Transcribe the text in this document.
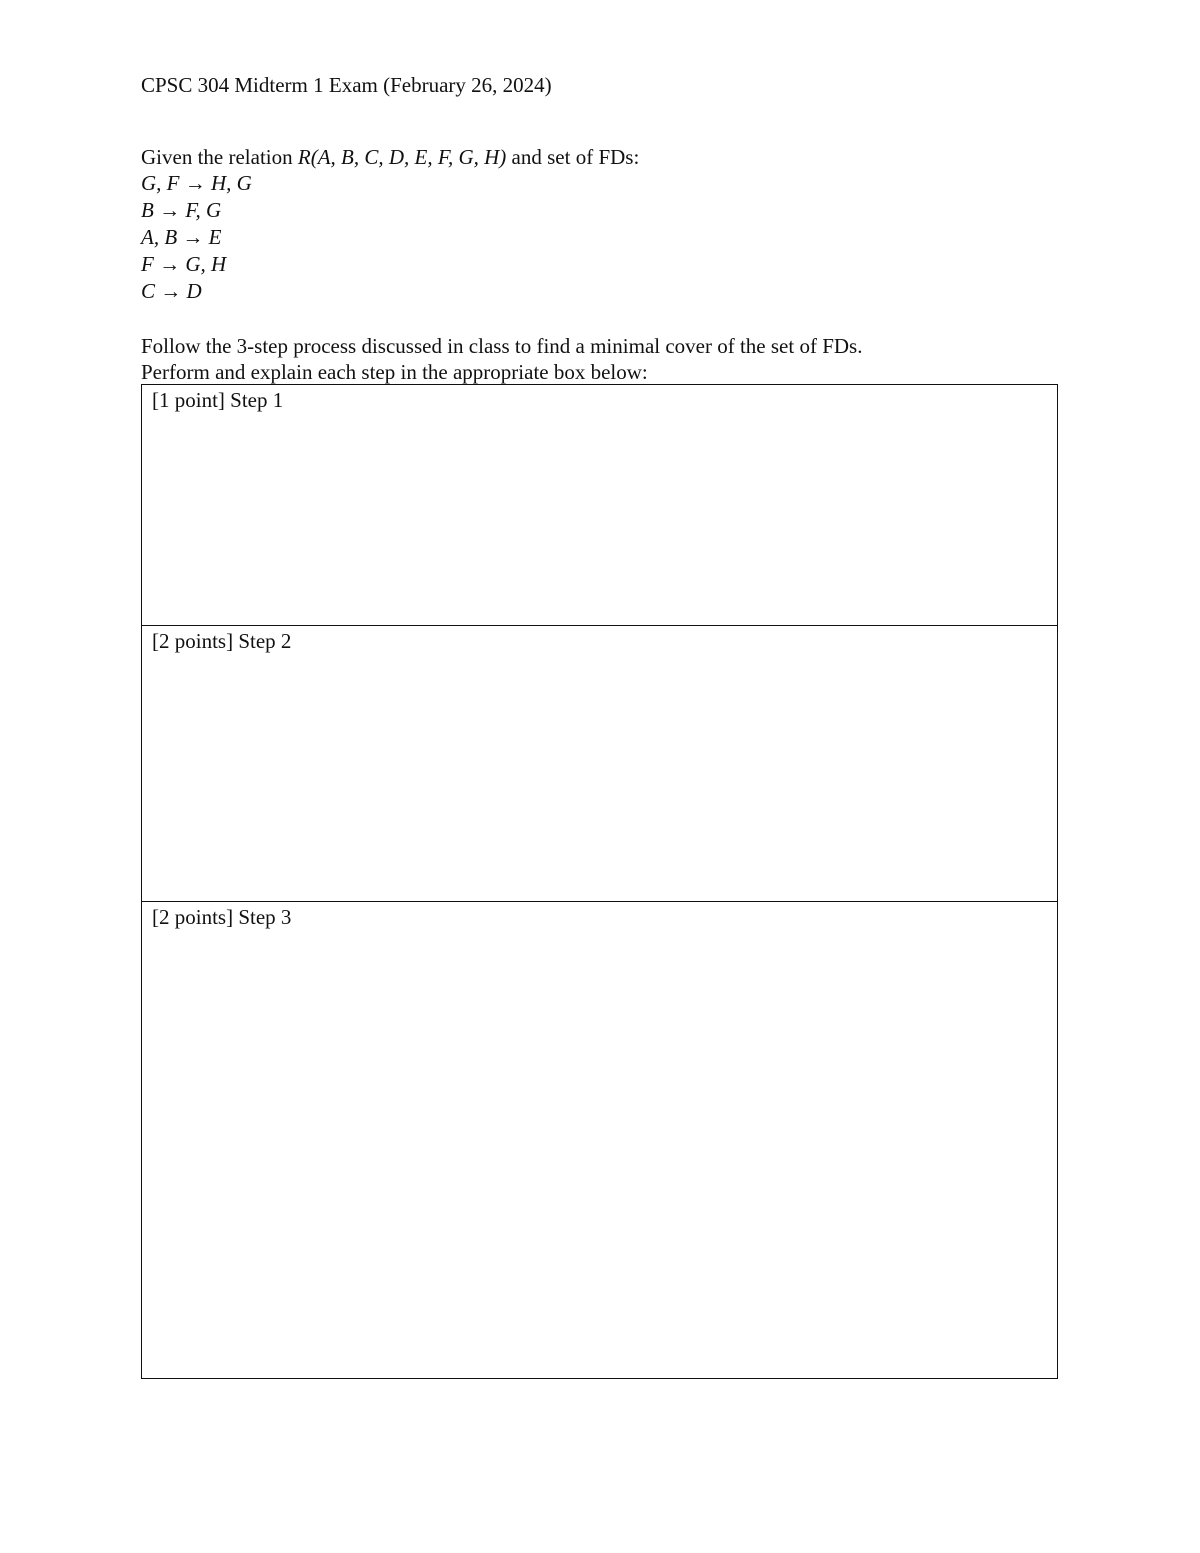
CPSC 304 Midterm 1 Exam (February 26, 2024)
Given the relation R(A, B, C, D, E, F, G, H) and set of FDs:
G, F → H, G
B → F, G
A, B → E
F → G, H
C → D
Follow the 3-step process discussed in class to find a minimal cover of the set of FDs.
Perform and explain each step in the appropriate box below:
[1 point] Step 1
[2 points] Step 2
[2 points] Step 3
